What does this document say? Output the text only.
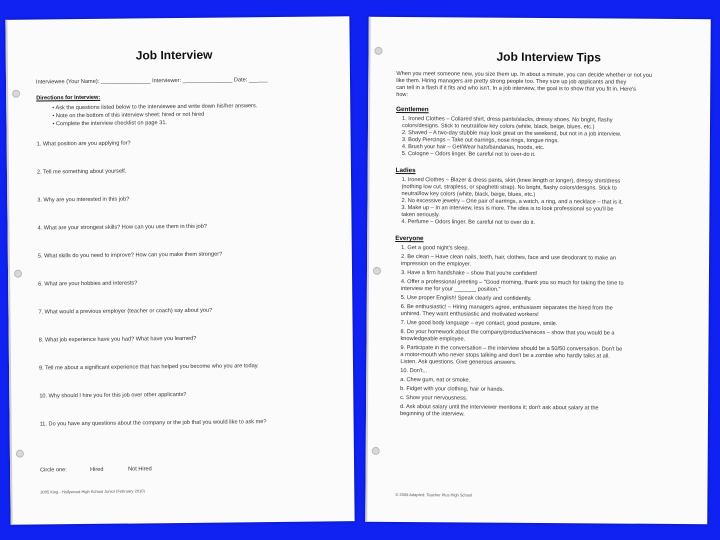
Job Interview
Interviewee (Your Name): ________________ Interviewer: ________________ Date: ______
Directions for Interview:
• Ask the questions listed below to the interviewee and write down his/her answers.
• Note on the bottom of this interview sheet: hired or not hired
• Complete the interview checklist on page 31.
1. What position are you applying for?
2. Tell me something about yourself.
3. Why are you interested in this job?
4. What are your strongest skills? How can you use them in this job?
5. What skills do you need to improve? How can you make them stronger?
6. What are your hobbies and interests?
7. What would a previous employer (teacher or coach) say about you?
8. What job experience have you had? What have you learned?
9. Tell me about a significant experience that has helped you become who you are today.
10. Why should I hire you for this job over other applicants?
11. Do you have any questions about the company or the job that you would like to ask me?
Circle one:	Hired	Not Hired
2005 King - Hollywood High School Junior (February 2010)
Job Interview Tips
When you meet someone new, you size them up. In about a minute, you can decide whether or not you
like them. Hiring managers are pretty strong people too. They size up job applicants and they
can tell in a flash if it fits and who isn't. In a job interview, the goal is to show that you fit in. Here's
how:
Gentlemen
1. Ironed Clothes – Collared shirt, dress pants/slacks, dressy shoes. No bright, flashy
colors/designs. Stick to neutral/low key colors (white, black, beige, blues, etc.)
2. Shaved – A two-day stubble may look great on the weekend, but not in a job interview.
3. Body Piercings – Take out earrings, nose rings, tongue rings.
4. Brush your hair – Gel/Wear hats/bandanas, hoods, etc.
5. Cologne – Odors linger. Be careful not to over-do it.
Ladies
1. Ironed Clothes – Blazer & dress pants, skirt (knee length or longer), dressy shirt/dress
(nothing low cut, strapless, or spaghetti strap). No bright, flashy colors/designs. Stick to
neutral/low key colors (white, black, beige, blues, etc.)
2. No excessive jewelry – One pair of earrings, a watch, a ring, and a necklace – that is it.
3. Make up – In an interview, less is more. The idea is to look professional so you'll be
taken seriously.
4. Perfume – Odors linger. Be careful not to over do it.
Everyone
1. Get a good night's sleep.
2. Be clean – Have clean nails, teeth, hair, clothes, face and use deodorant to make an
impression on the employer.
3. Have a firm handshake – show that you're confident!
4. Offer a professional greeting – "Good morning, thank you so much for taking the time to
interview me for your _______ position."
5. Use proper English! Speak clearly and confidently.
6. Be enthusiastic! – Hiring managers agree, enthusiasm separates the hired from the
unhired. They want enthusiastic and motivated workers!
7. Use good body language – eye contact, good posture, smile.
8. Do your homework about the company/product/services – show that you would be a
knowledgeable employee.
9. Participate in the conversation – the interview should be a 50/50 conversation. Don't be
a motor-mouth who never stops talking and don't be a zombie who hardly talks at all.
Listen. Ask questions. Give generous answers.
10. Don't...
a. Chew gum, eat or smoke.
b. Fidget with your clothing, hair or hands.
c. Show your nervousness.
d. Ask about salary until the interviewer mentions it; don't ask about salary at the
beginning of the interview.
© 2009 Adapted: Teacher Plus High School
